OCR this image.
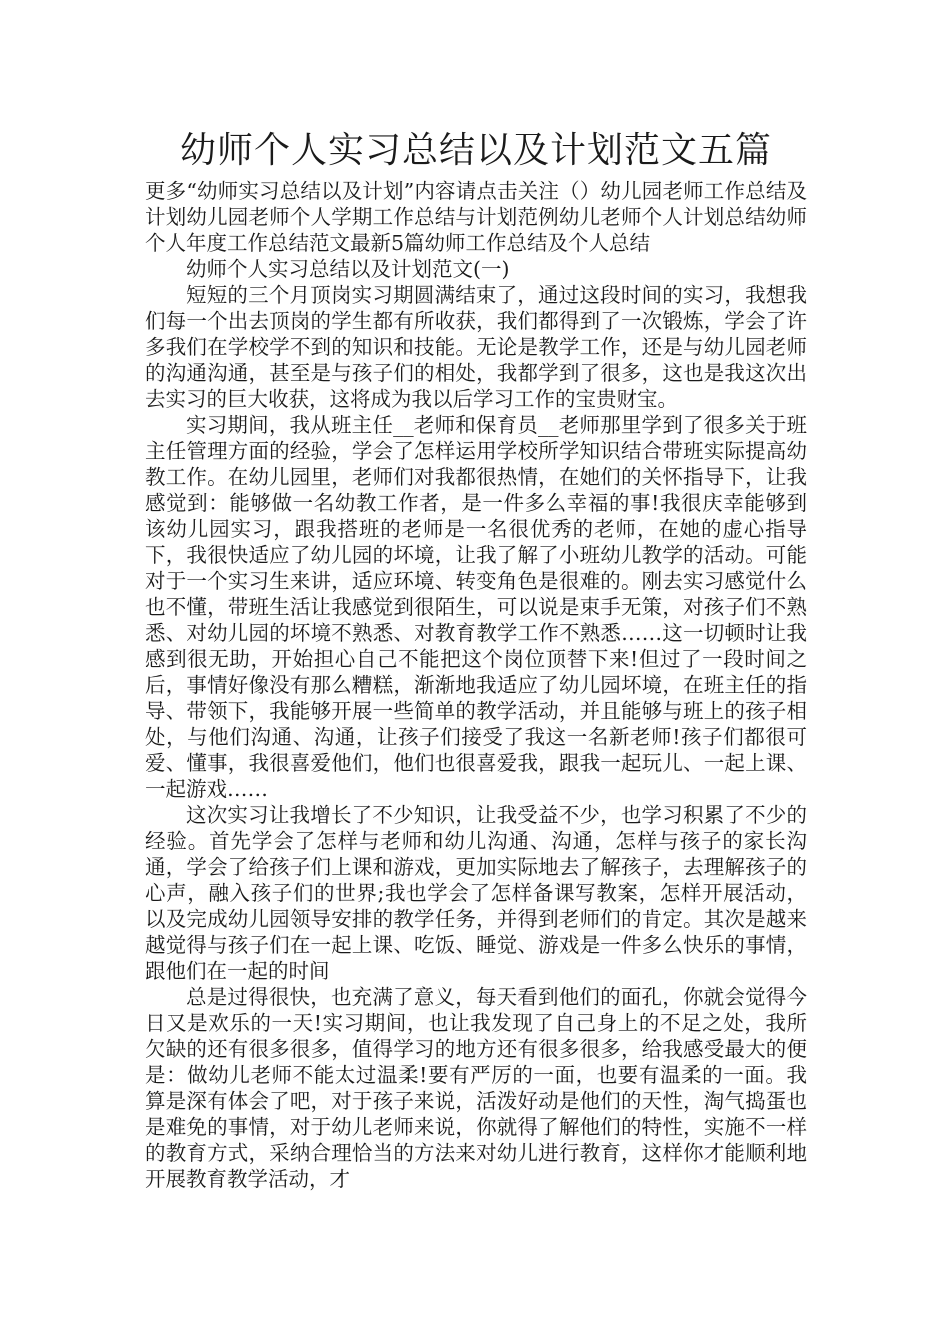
幼师个人实习总结以及计划范文五篇

更多“幼师实习总结以及计划”内容请点击关注（）幼儿园老师工作总结及计划幼儿园老师个人学期工作总结与计划范例幼儿老师个人计划总结幼师个人年度工作总结范文最新5篇幼师工作总结及个人总结

幼师个人实习总结以及计划范文(一)

短短的三个月顶岗实习期圆满结束了，通过这段时间的实习，我想我们每一个出去顶岗的学生都有所收获，我们都得到了一次锻炼，学会了许多我们在学校学不到的知识和技能。无论是教学工作，还是与幼儿园老师的沟通沟通，甚至是与孩子们的相处，我都学到了很多，这也是我这次出去实习的巨大收获，这将成为我以后学习工作的宝贵财宝。

实习期间，我从班主任__老师和保育员__老师那里学到了很多关于班主任管理方面的经验，学会了怎样运用学校所学知识结合带班实际提高幼教工作。在幼儿园里，老师们对我都很热情，在她们的关怀指导下，让我感觉到：能够做一名幼教工作者，是一件多么幸福的事!我很庆幸能够到该幼儿园实习，跟我搭班的老师是一名很优秀的老师，在她的虚心指导下，我很快适应了幼儿园的坏境，让我了解了小班幼儿教学的活动。可能对于一个实习生来讲，适应环境、转变角色是很难的。刚去实习感觉什么也不懂，带班生活让我感觉到很陌生，可以说是束手无策，对孩子们不熟悉、对幼儿园的坏境不熟悉、对教育教学工作不熟悉……这一切顿时让我感到很无助，开始担心自己不能把这个岗位顶替下来!但过了一段时间之后，事情好像没有那么糟糕，渐渐地我适应了幼儿园坏境，在班主任的指导、带领下，我能够开展一些简单的教学活动，并且能够与班上的孩子相处，与他们沟通、沟通，让孩子们接受了我这一名新老师!孩子们都很可爱、懂事，我很喜爱他们，他们也很喜爱我，跟我一起玩儿、一起上课、一起游戏……

这次实习让我增长了不少知识，让我受益不少，也学习积累了不少的经验。首先学会了怎样与老师和幼儿沟通、沟通，怎样与孩子的家长沟通，学会了给孩子们上课和游戏，更加实际地去了解孩子，去理解孩子的心声，融入孩子们的世界;我也学会了怎样备课写教案，怎样开展活动，以及完成幼儿园领导安排的教学任务，并得到老师们的肯定。其次是越来越觉得与孩子们在一起上课、吃饭、睡觉、游戏是一件多么快乐的事情，跟他们在一起的时间

总是过得很快，也充满了意义，每天看到他们的面孔，你就会觉得今日又是欢乐的一天!实习期间，也让我发现了自己身上的不足之处，我所欠缺的还有很多很多，值得学习的地方还有很多很多，给我感受最大的便是：做幼儿老师不能太过温柔!要有严厉的一面，也要有温柔的一面。我算是深有体会了吧，对于孩子来说，活泼好动是他们的天性，淘气捣蛋也是难免的事情，对于幼儿老师来说，你就得了解他们的特性，实施不一样的教育方式，采纳合理恰当的方法来对幼儿进行教育，这样你才能顺利地开展教育教学活动，才
